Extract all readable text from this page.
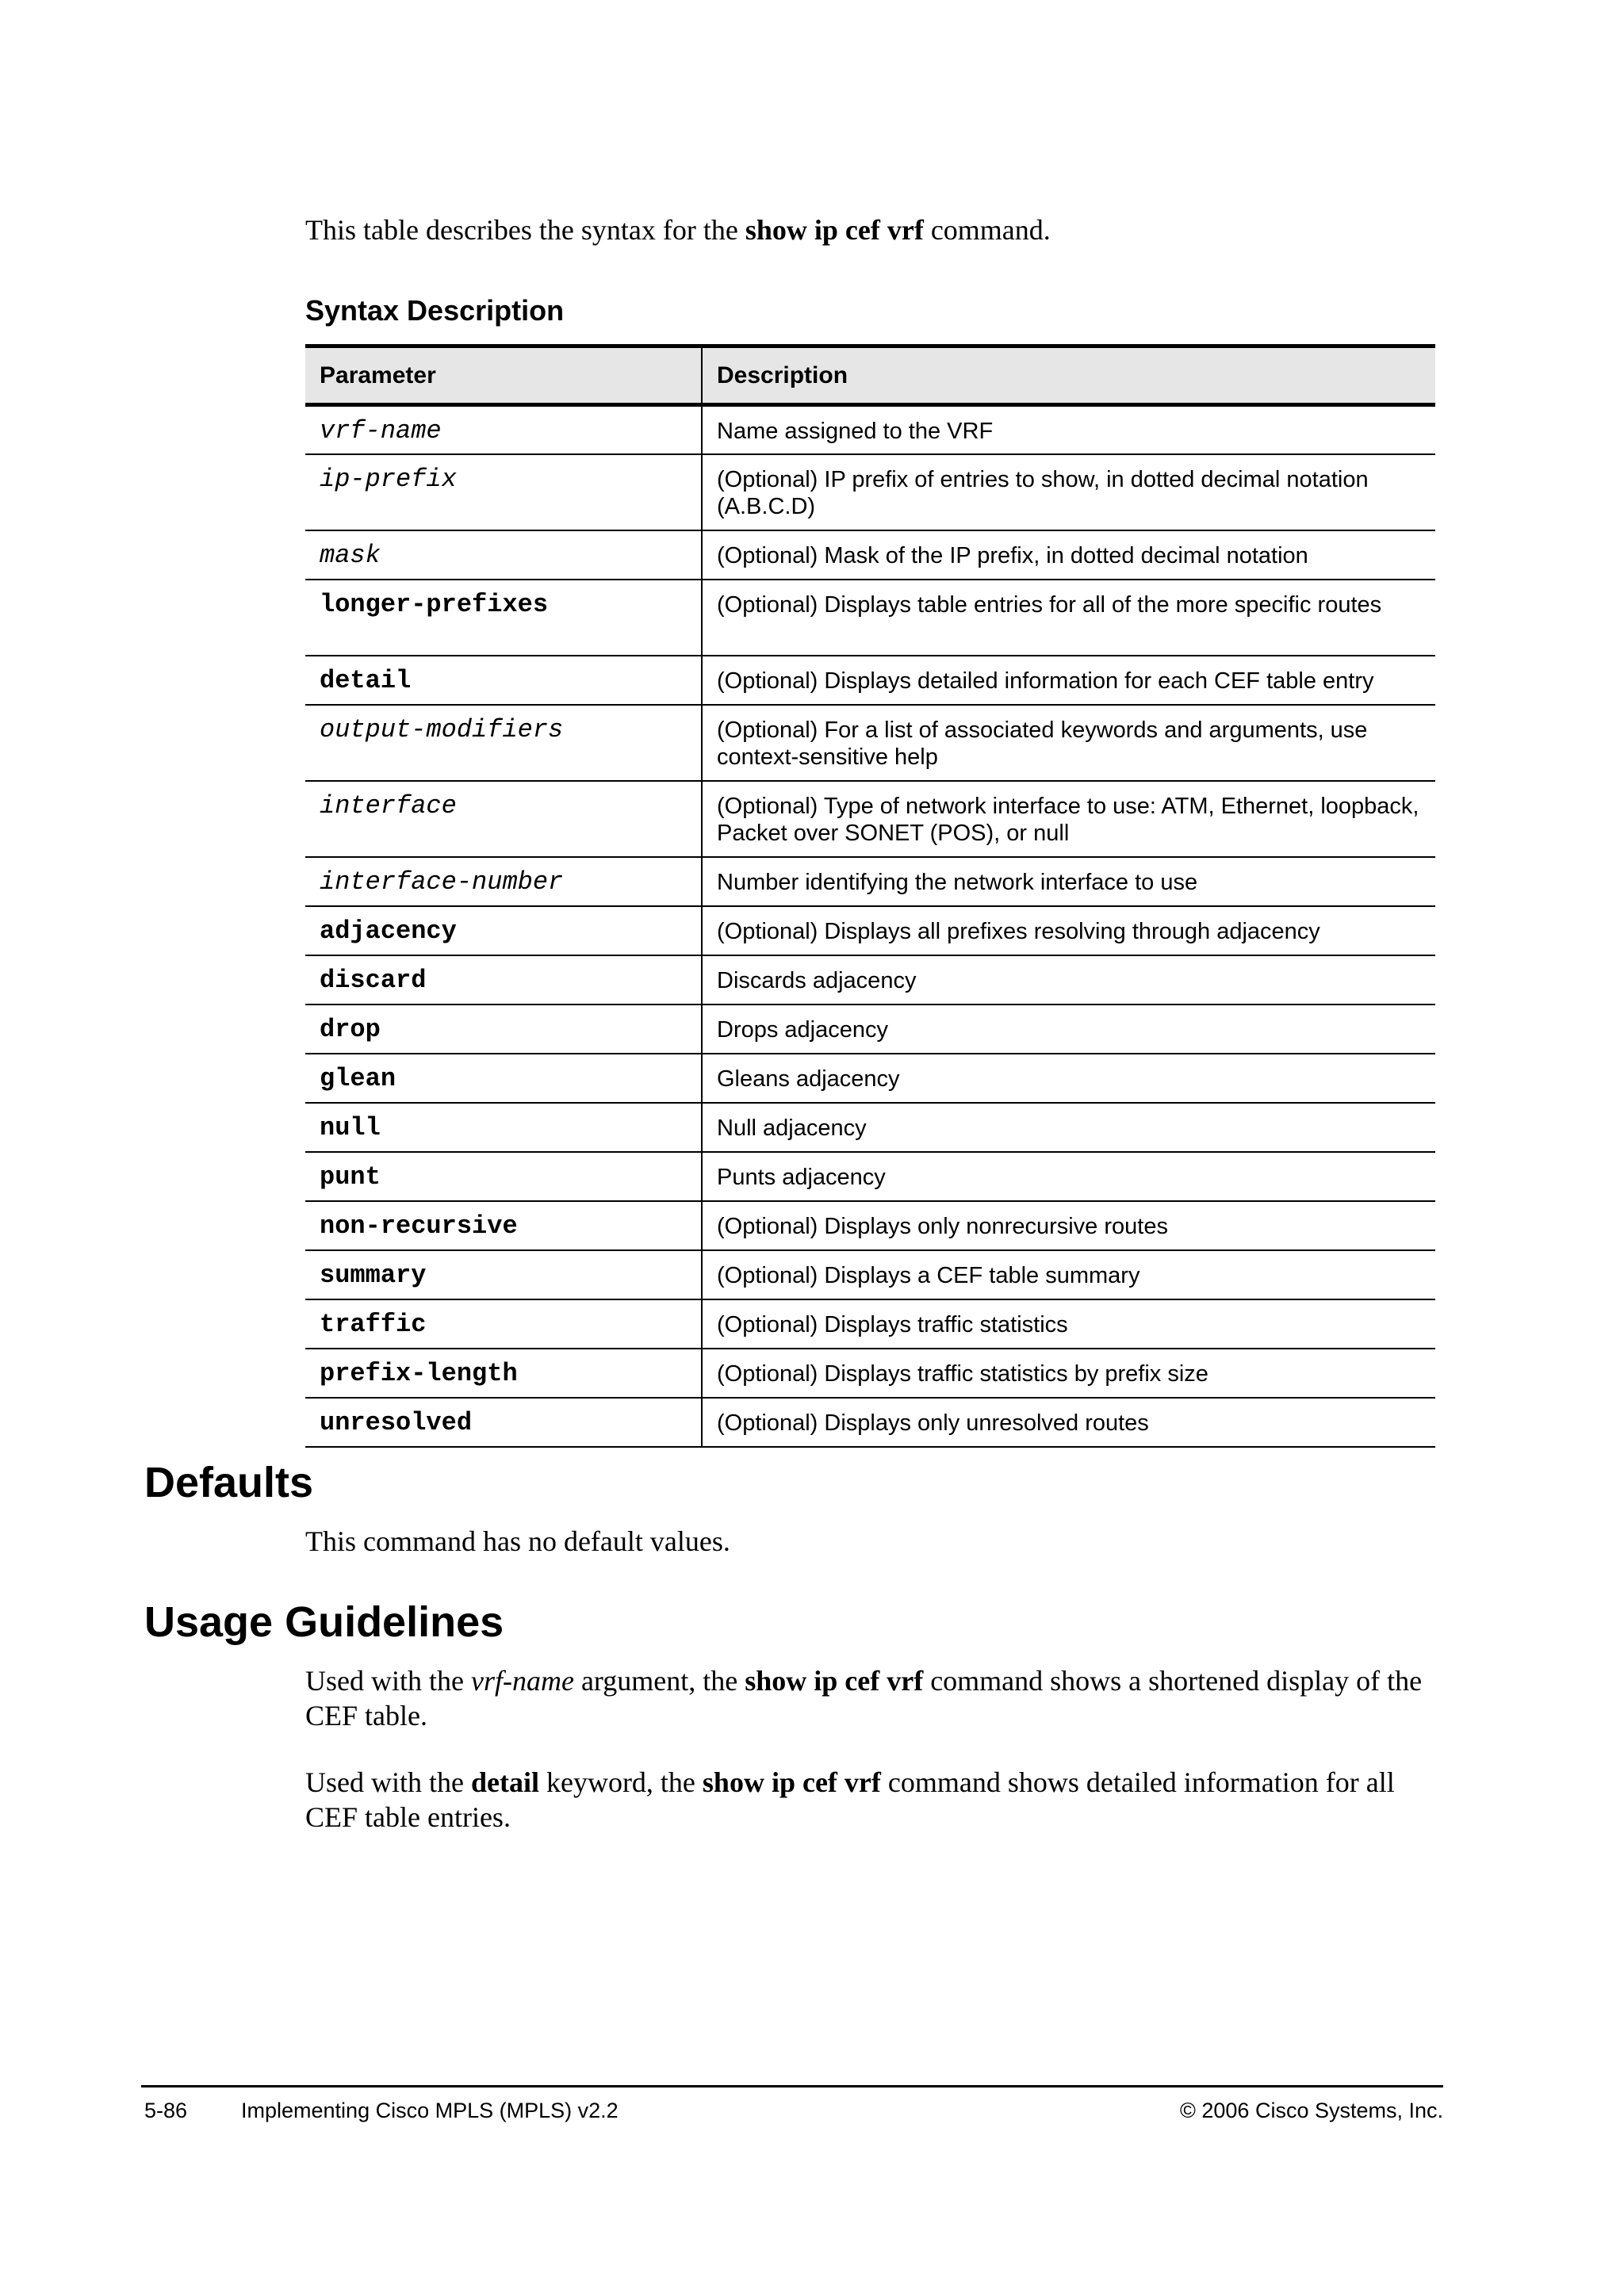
This table describes the syntax for the show ip cef vrf command.
Syntax Description
Parameter	Description
vrf-name	Name assigned to the VRF
ip-prefix	(Optional) IP prefix of entries to show, in dotted decimal notation (A.B.C.D)
mask	(Optional) Mask of the IP prefix, in dotted decimal notation
longer-prefixes	(Optional) Displays table entries for all of the more specific routes
detail	(Optional) Displays detailed information for each CEF table entry
output-modifiers	(Optional) For a list of associated keywords and arguments, use context-sensitive help
interface	(Optional) Type of network interface to use: ATM, Ethernet, loopback, Packet over SONET (POS), or null
interface-number	Number identifying the network interface to use
adjacency	(Optional) Displays all prefixes resolving through adjacency
discard	Discards adjacency
drop	Drops adjacency
glean	Gleans adjacency
null	Null adjacency
punt	Punts adjacency
non-recursive	(Optional) Displays only nonrecursive routes
summary	(Optional) Displays a CEF table summary
traffic	(Optional) Displays traffic statistics
prefix-length	(Optional) Displays traffic statistics by prefix size
unresolved	(Optional) Displays only unresolved routes
Defaults
This command has no default values.
Usage Guidelines
Used with the vrf-name argument, the show ip cef vrf command shows a shortened display of the CEF table.
Used with the detail keyword, the show ip cef vrf command shows detailed information for all CEF table entries.
5-86	Implementing Cisco MPLS (MPLS) v2.2	© 2006 Cisco Systems, Inc.
